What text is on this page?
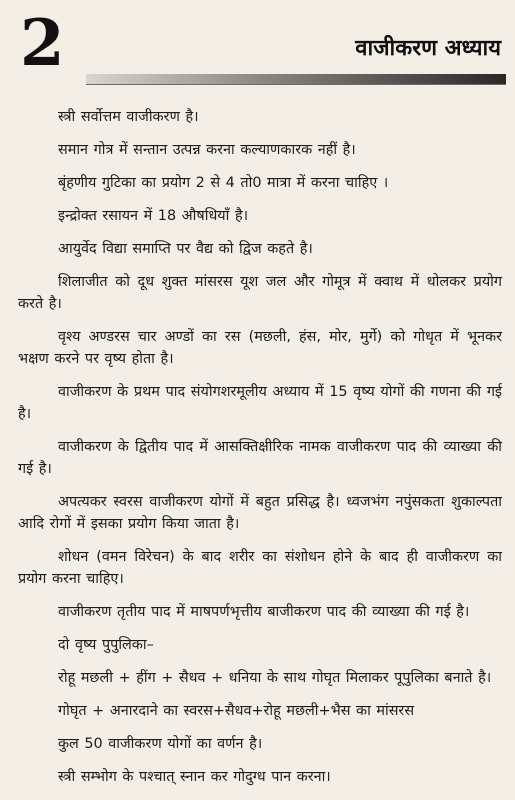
2	वाजीकरण अध्याय

स्त्री सर्वोत्तम वाजीकरण है।

समान गोत्र में सन्तान उत्पन्न करना कल्याणकारक नहीं है।

बृंहणीय गुटिका का प्रयोग 2 से 4 तो0 मात्रा में करना चाहिए ।

इन्द्रोक्त रसायन में 18 औषधियाँ है।

आयुर्वेद विद्या समाप्ति पर वैद्य को द्विज कहते है।

शिलाजीत को दूध शुक्त मांसरस यूश जल और गोमूत्र में क्वाथ में धोलकर प्रयोग करते है।

वृश्य अण्डरस चार अण्डों का रस (मछली, हंस, मोर, मुर्गे) को गोधृत में भूनकर भक्षण करने पर वृष्य होता है।

वाजीकरण के प्रथम पाद संयोगशरमूलीय अध्याय में 15 वृष्य योगों की गणना की गई है।

वाजीकरण के द्वितीय पाद में आसक्तिक्षीरिक नामक वाजीकरण पाद की व्याख्या की गई है।

अपत्यकर स्वरस वाजीकरण योगों में बहुत प्रसिद्ध है। ध्वजभंग नपुंसकता शुकाल्पता आदि रोगों में इसका प्रयोग किया जाता है।

शोधन (वमन विरेचन) के बाद शरीर का संशोधन होने के बाद ही वाजीकरण का प्रयोग करना चाहिए।

वाजीकरण तृतीय पाद में माषपर्णभृत्तीय बाजीकरण पाद की व्याख्या की गई है।

दो वृष्य पुपुलिका–

रोहू मछली + हींग + सैधव + धनिया के साथ गोघृत मिलाकर पूपुलिका बनाते है।

गोघृत + अनारदाने का स्वरस+सैधव+रोहू मछली+भैस का मांसरस

कुल 50 वाजीकरण योगों का वर्णन है।

स्त्री सम्भोग के पश्चात् स्नान कर गोदुग्ध पान करना।
